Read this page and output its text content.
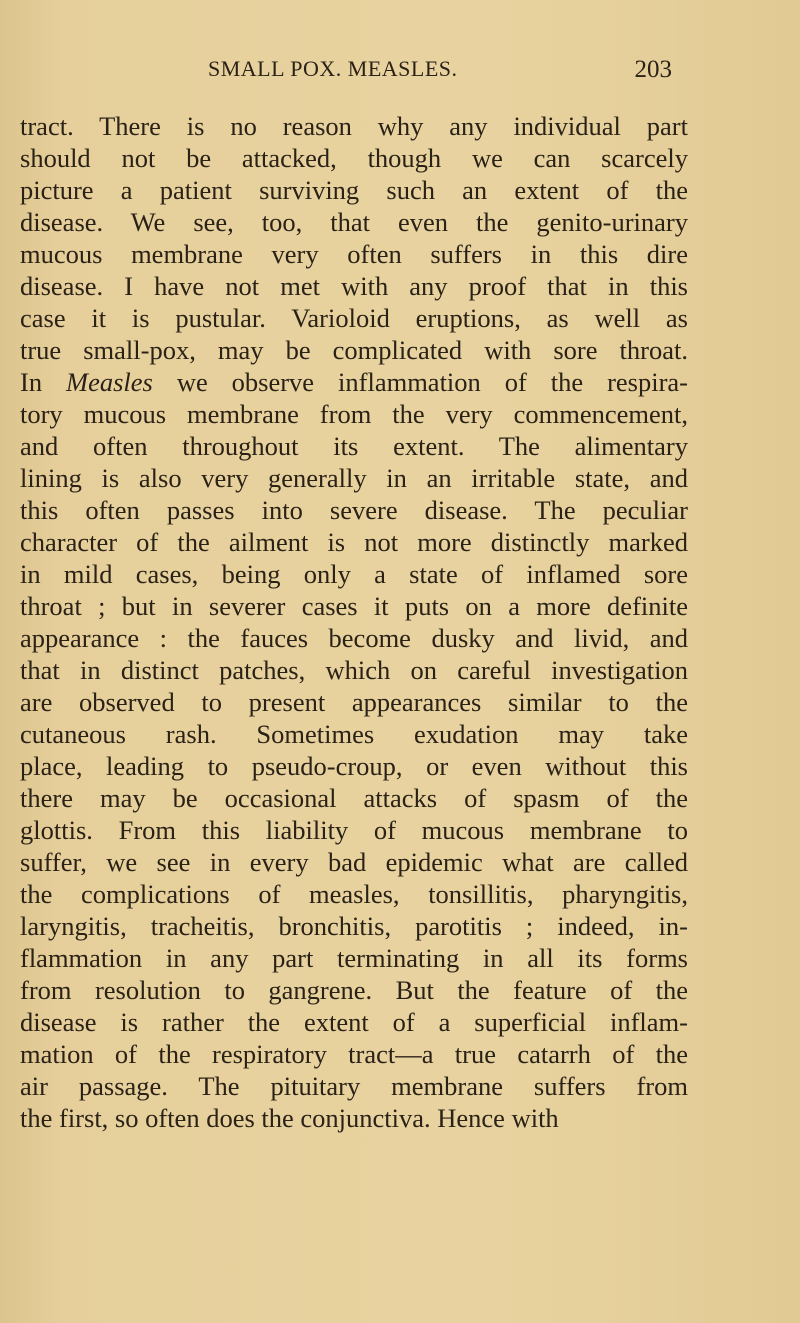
SMALL POX. MEASLES.	203
tract. There is no reason why any individual part
should not be attacked, though we can scarcely
picture a patient surviving such an extent of the
disease. We see, too, that even the genito-urinary
mucous membrane very often suffers in this dire
disease. I have not met with any proof that in this
case it is pustular. Varioloid eruptions, as well as
true small-pox, may be complicated with sore throat.
In Measles we observe inflammation of the respira-
tory mucous membrane from the very commencement,
and often throughout its extent. The alimentary
lining is also very generally in an irritable state, and
this often passes into severe disease. The peculiar
character of the ailment is not more distinctly marked
in mild cases, being only a state of inflamed sore
throat ; but in severer cases it puts on a more definite
appearance : the fauces become dusky and livid, and
that in distinct patches, which on careful investigation
are observed to present appearances similar to the
cutaneous rash. Sometimes exudation may take
place, leading to pseudo-croup, or even without this
there may be occasional attacks of spasm of the
glottis. From this liability of mucous membrane to
suffer, we see in every bad epidemic what are called
the complications of measles, tonsillitis, pharyngitis,
laryngitis, tracheitis, bronchitis, parotitis ; indeed, in-
flammation in any part terminating in all its forms
from resolution to gangrene. But the feature of the
disease is rather the extent of a superficial inflam-
mation of the respiratory tract—a true catarrh of the
air passage. The pituitary membrane suffers from
the first, so often does the conjunctiva. Hence with
